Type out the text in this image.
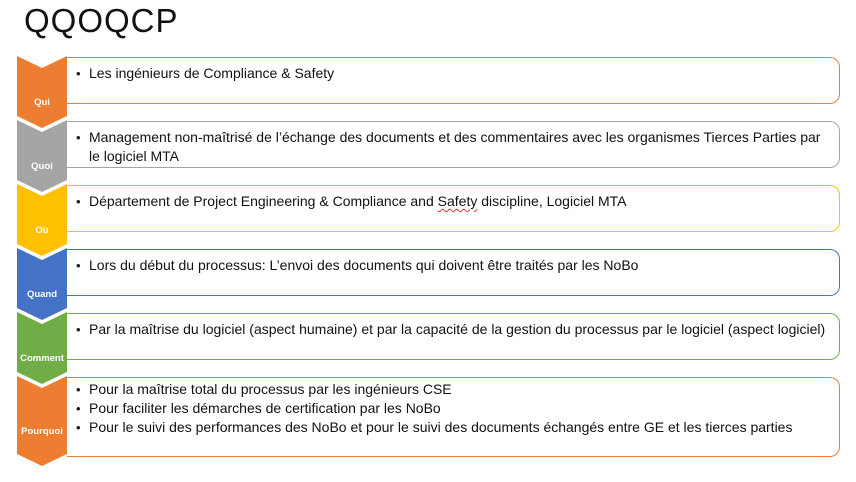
QQOQCP
Qui
• Les ingénieurs de Compliance & Safety
Quoi
• Management non-maîtrisé de l’échange des documents et des commentaires avec les organismes Tierces Parties par le logiciel MTA
Où
• Département de Project Engineering & Compliance and Safety discipline, Logiciel MTA
Quand
• Lors du début du processus: L’envoi des documents qui doivent être traités par les NoBo
Comment
• Par la maîtrise du logiciel (aspect humaine) et par la capacité de la gestion du processus par le logiciel (aspect logiciel)
Pourquoi
• Pour la maîtrise total du processus par les ingénieurs CSE
• Pour faciliter les démarches de certification par les NoBo
• Pour le suivi des performances des NoBo et pour le suivi des documents échangés entre GE et les tierces parties
